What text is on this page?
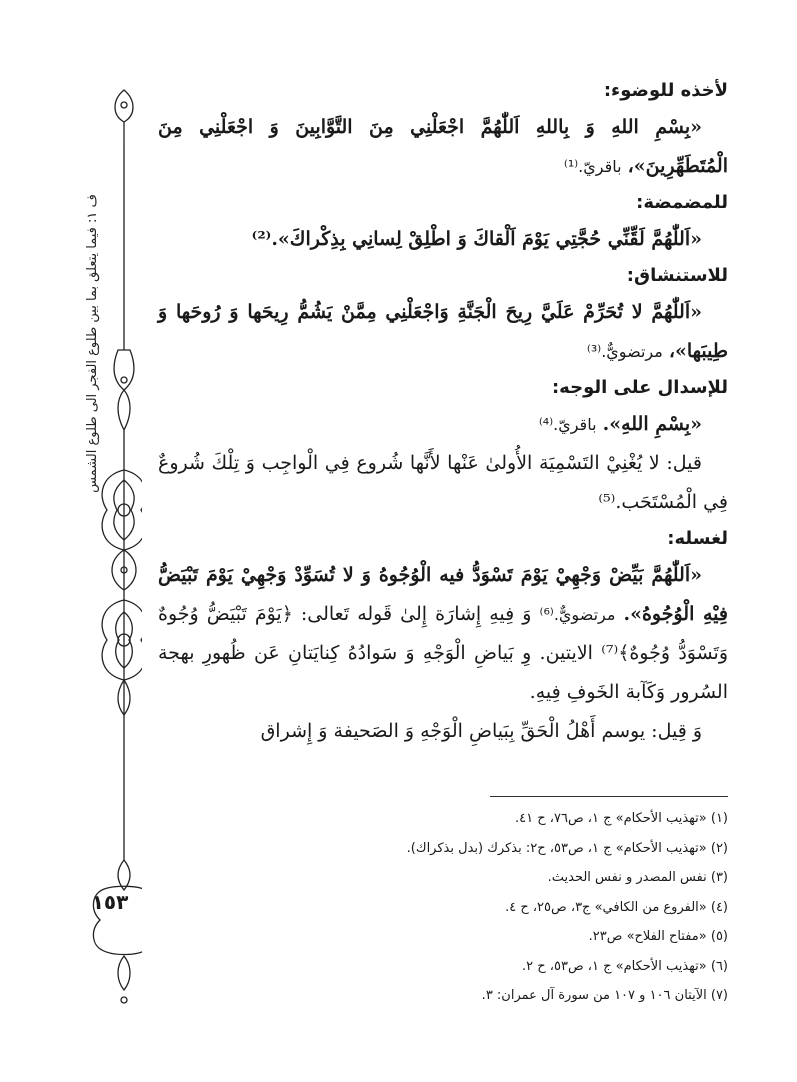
ف ١: فيما يتعلق بما بين طلوع الفجر الى طلوع الشمس
١٥٣

لأخذه للوضوء:

«بِسْمِ اللهِ وَ بِاللهِ اَللّٰهُمَّ اجْعَلْنِي مِنَ التَّوَّابِينَ وَ اجْعَلْنِي مِنَ الْمُتَطَهِّرِينَ»، باقريّ.⁽¹⁾

للمضمضة:

«اَللّٰهُمَّ لَقِّنِّي حُجَّتِي يَوْمَ اَلْقاكَ وَ اطْلِقْ لِسانِي بِذِكْراكَ».⁽²⁾

للاستنشاق:

«اَللّٰهُمَّ لا تُحَرِّمْ عَلَيَّ رِيحَ الْجَنَّةِ وَاجْعَلْنِي مِمَّنْ يَشُمُّ رِيحَها وَ رُوحَها وَ طِيبَها»، مرتضويٌّ.⁽³⁾

للإسدال على الوجه:

«بِسْمِ اللهِ». باقريّ.⁽⁴⁾

قيل: لا يُغْنِيْ التَسْمِيَة الأُولىٰ عَنْها لأَنَّها شُروع فِي الْواجِب وَ تِلْكَ شُروعٌ فِي الْمُسْتَحَب.⁽⁵⁾

لغسله:

«اَللّٰهُمَّ بَيِّضْ وَجْهِيْ يَوْمَ تَسْوَدُّ فيه الْوُجُوهُ وَ لا تُسَوِّدْ وَجْهِيْ يَوْمَ تَبْيَضُّ فِيْهِ الْوُجُوهُ». مرتضويٌّ.⁽⁶⁾ وَ فِيهِ إِشارَة إِلىٰ قَوله تَعالى: ﴿يَوْمَ تَبْيَضُّ وُجُوهٌ وَتَسْوَدُّ وُجُوهٌ﴾⁽⁷⁾ الايتين. وِ بَياضِ الْوَجْهِ وَ سَوادُهُ كِنايَتانِ عَن ظُهورِ بهجة السُرور وَكَآبة الخَوفِ فِيهِ.

وَ قِيل: يوسم أَهْلُ الْحَقِّ بِبَياضِ الْوَجْهِ وَ الصَحيفة وَ إِشراق

(١) «تهذيب الأحكام» ج ١، ص٧٦، ح ٤١.
(٢) «تهذيب الأحكام» ج ١، ص٥٣، ح٢: بذكرك (بدل بذكراك).
(٣) نفس المصدر و نفس الحديث.
(٤) «الفروع من الكافي» ج٣، ص٢٥، ح ٤.
(٥) «مفتاح الفلاح» ص٢٣.
(٦) «تهذيب الأحكام» ج ١، ص٥٣، ح ٢.
(٧) الآيتان ١٠٦ و ١٠٧ من سورة آل عمران: ٣.
